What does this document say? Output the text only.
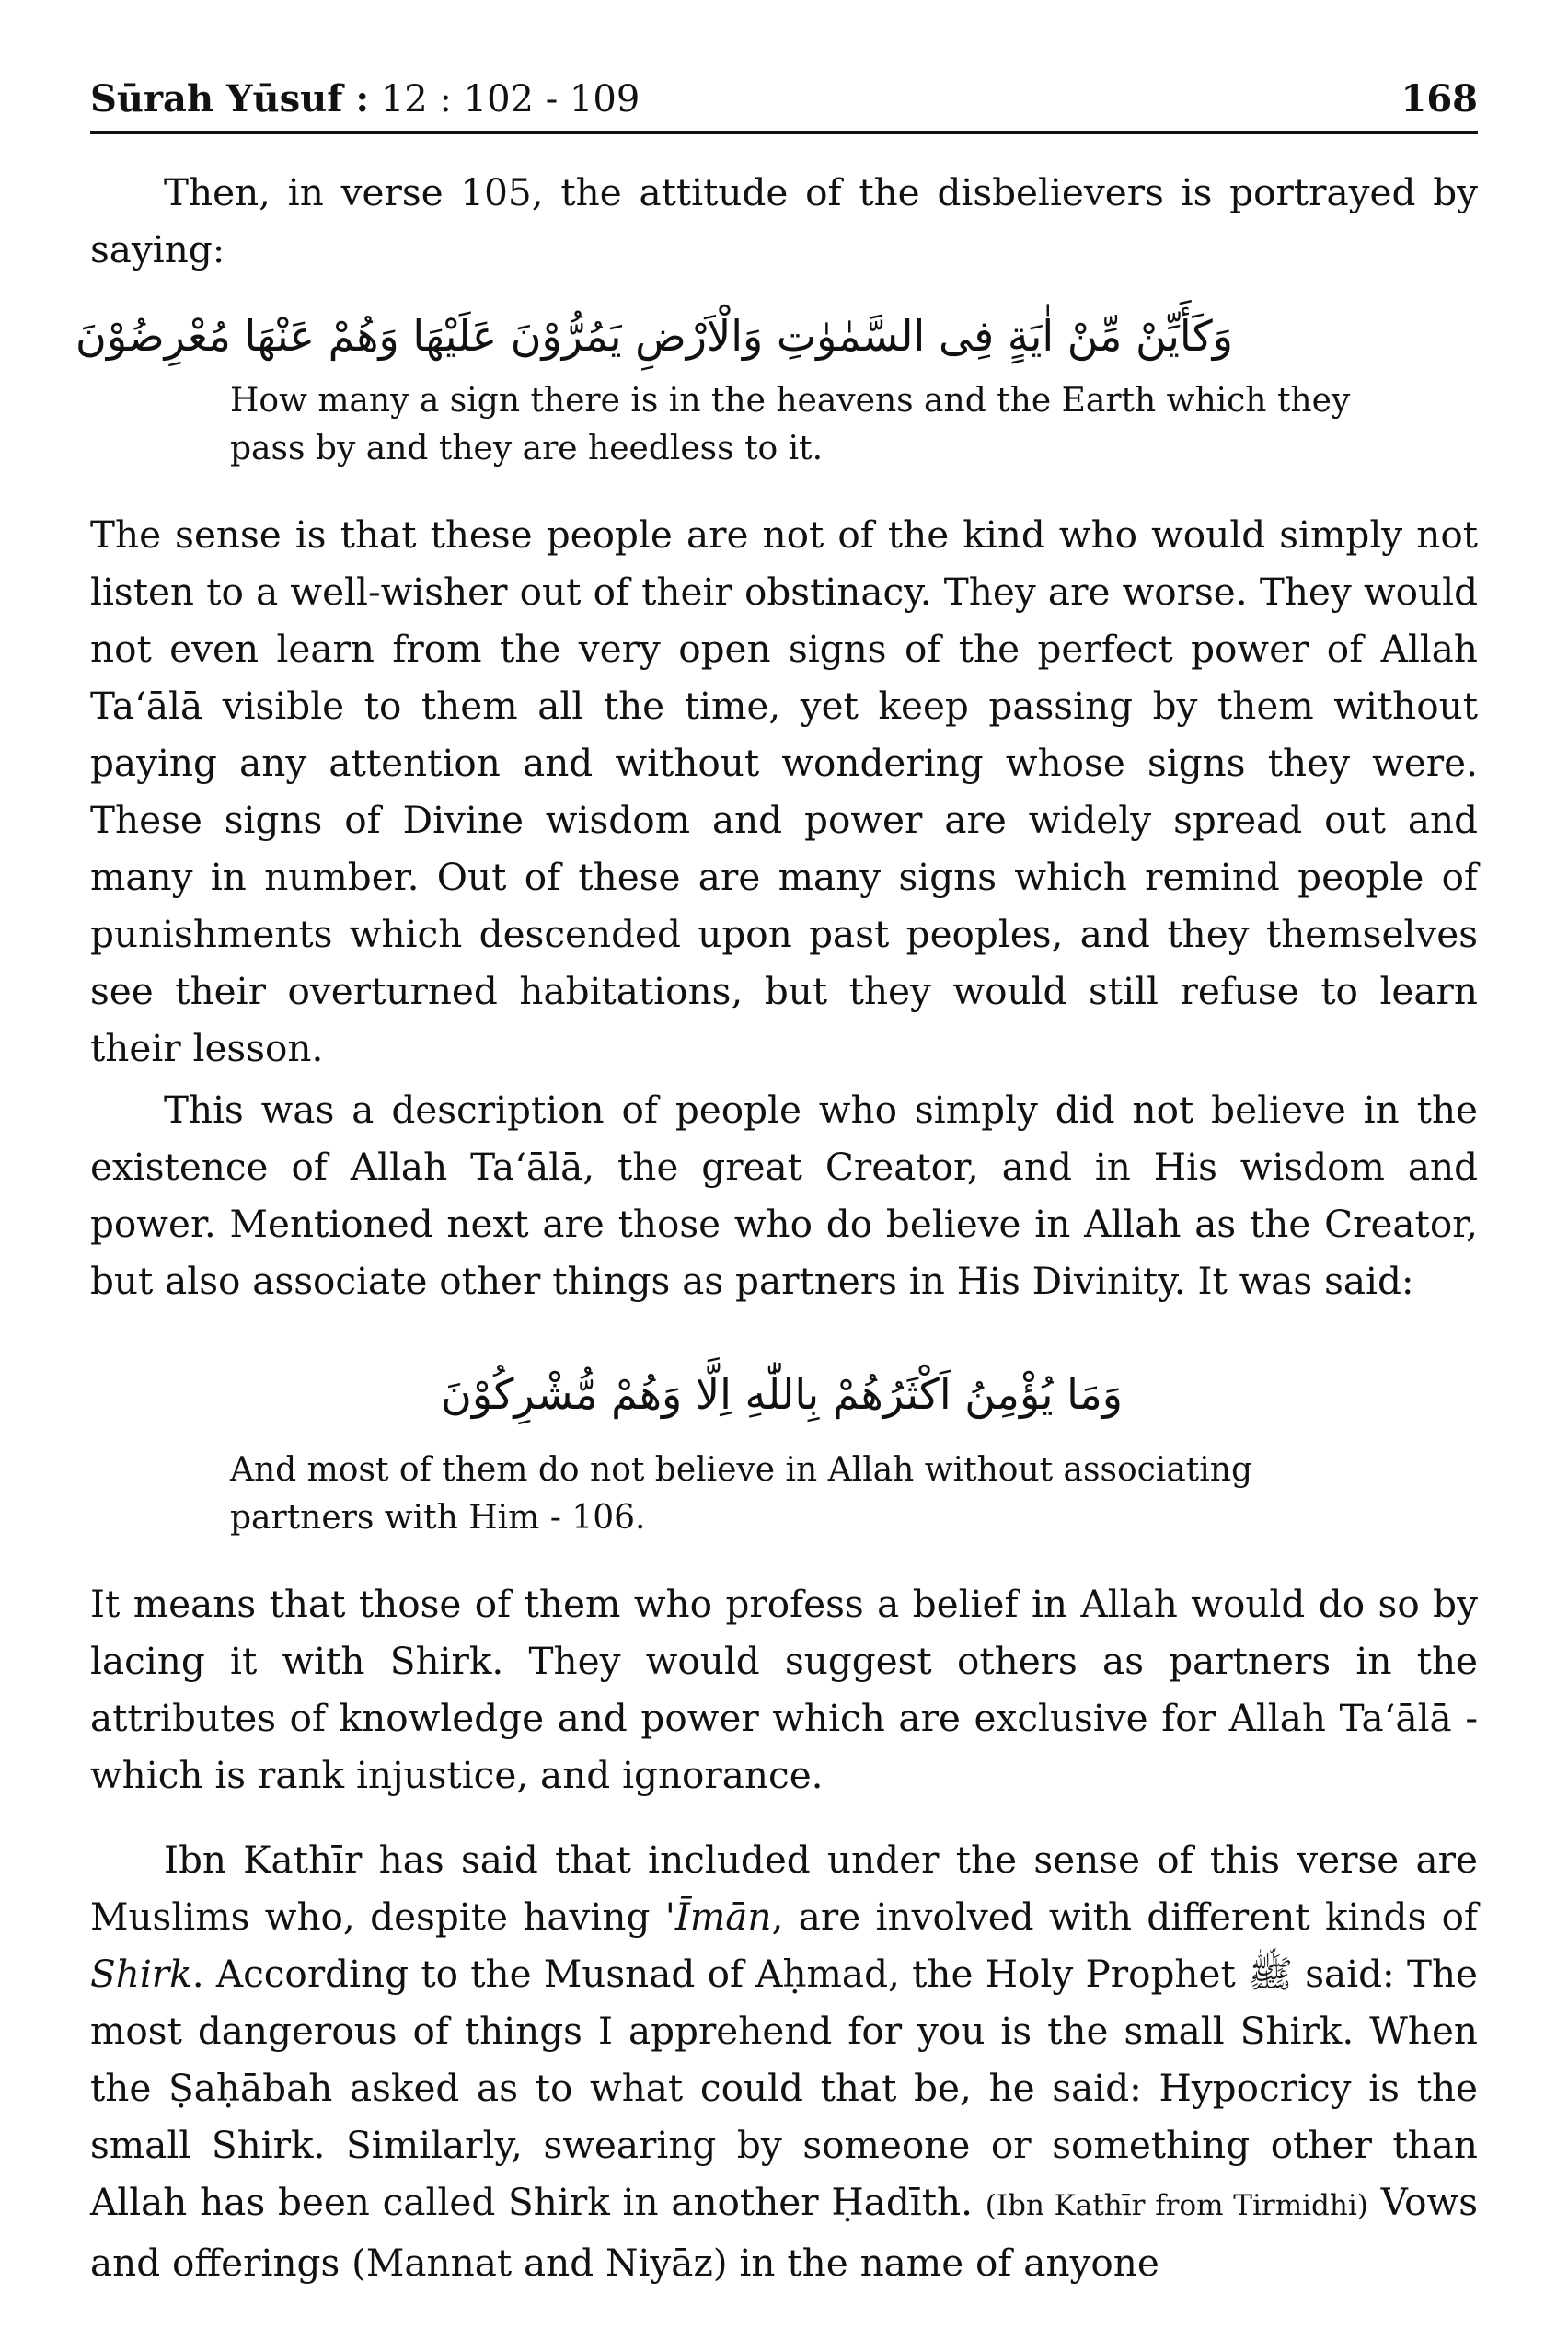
Sūrah Yūsuf : 12 : 102 - 109	168

Then, in verse 105, the attitude of the disbelievers is portrayed by saying:

وَكَأَيِّنْ مِّنْ اٰيَةٍ فِى السَّمٰوٰتِ وَالْاَرْضِ يَمُرُّوْنَ عَلَيْهَا وَهُمْ عَنْهَا مُعْرِضُوْنَ
How many a sign there is in the heavens and the Earth which they pass by and they are heedless to it.

The sense is that these people are not of the kind who would simply not listen to a well-wisher out of their obstinacy. They are worse. They would not even learn from the very open signs of the perfect power of Allah Ta‘ālā visible to them all the time, yet keep passing by them without paying any attention and without wondering whose signs they were. These signs of Divine wisdom and power are widely spread out and many in number. Out of these are many signs which remind people of punishments which descended upon past peoples, and they themselves see their overturned habitations, but they would still refuse to learn their lesson.

This was a description of people who simply did not believe in the existence of Allah Ta‘ālā, the great Creator, and in His wisdom and power. Mentioned next are those who do believe in Allah as the Creator, but also associate other things as partners in His Divinity. It was said:

وَمَا يُؤْمِنُ اَكْثَرُهُمْ بِاللّٰهِ اِلَّا وَهُمْ مُّشْرِكُوْنَ
And most of them do not believe in Allah without associating partners with Him - 106.

It means that those of them who profess a belief in Allah would do so by lacing it with Shirk. They would suggest others as partners in the attributes of knowledge and power which are exclusive for Allah Ta‘ālā - which is rank injustice, and ignorance.

Ibn Kathīr has said that included under the sense of this verse are Muslims who, despite having 'Īmān, are involved with different kinds of Shirk. According to the Musnad of Aḥmad, the Holy Prophet ﷺ said: The most dangerous of things I apprehend for you is the small Shirk. When the Ṣaḥābah asked as to what could that be, he said: Hypocricy is the small Shirk. Similarly, swearing by someone or something other than Allah has been called Shirk in another Ḥadīth. (Ibn Kathīr from Tirmidhi) Vows and offerings (Mannat and Niyāz) in the name of anyone
